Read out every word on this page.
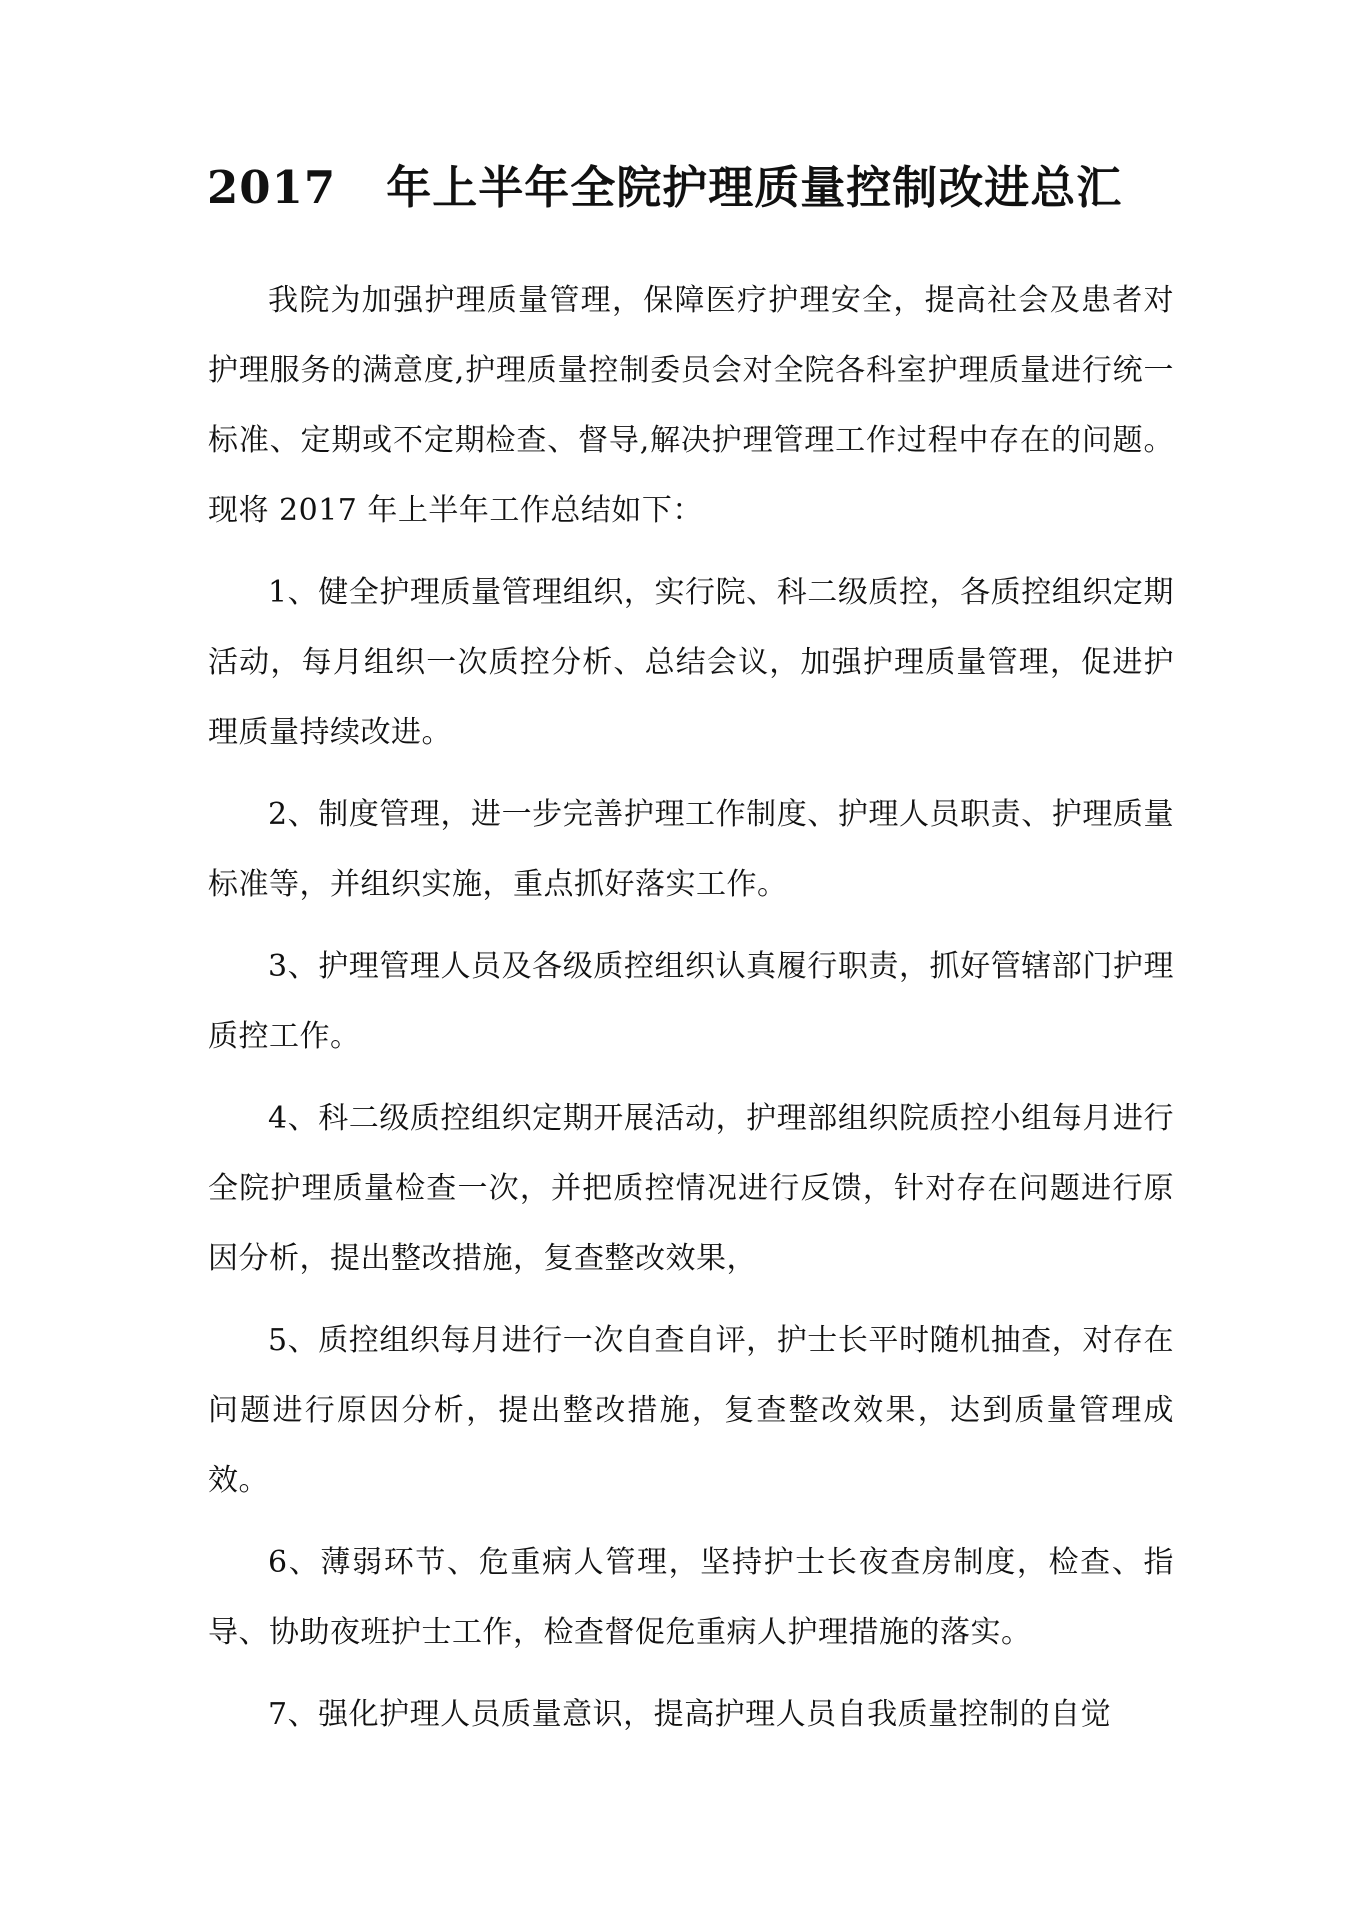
2017   年上半年全院护理质量控制改进总汇

我院为加强护理质量管理，保障医疗护理安全，提高社会及患者对护理服务的满意度,护理质量控制委员会对全院各科室护理质量进行统一标准、定期或不定期检查、督导,解决护理管理工作过程中存在的问题。现将 2017 年上半年工作总结如下：

1、健全护理质量管理组织，实行院、科二级质控，各质控组织定期活动，每月组织一次质控分析、总结会议，加强护理质量管理，促进护理质量持续改进。

2、制度管理，进一步完善护理工作制度、护理人员职责、护理质量标准等，并组织实施，重点抓好落实工作。

3、护理管理人员及各级质控组织认真履行职责，抓好管辖部门护理质控工作。

4、科二级质控组织定期开展活动，护理部组织院质控小组每月进行全院护理质量检查一次，并把质控情况进行反馈，针对存在问题进行原因分析，提出整改措施，复查整改效果，

5、质控组织每月进行一次自查自评，护士长平时随机抽查，对存在问题进行原因分析，提出整改措施，复查整改效果，达到质量管理成效。

6、薄弱环节、危重病人管理，坚持护士长夜查房制度，检查、指导、协助夜班护士工作，检查督促危重病人护理措施的落实。

7、强化护理人员质量意识，提高护理人员自我质量控制的自觉
